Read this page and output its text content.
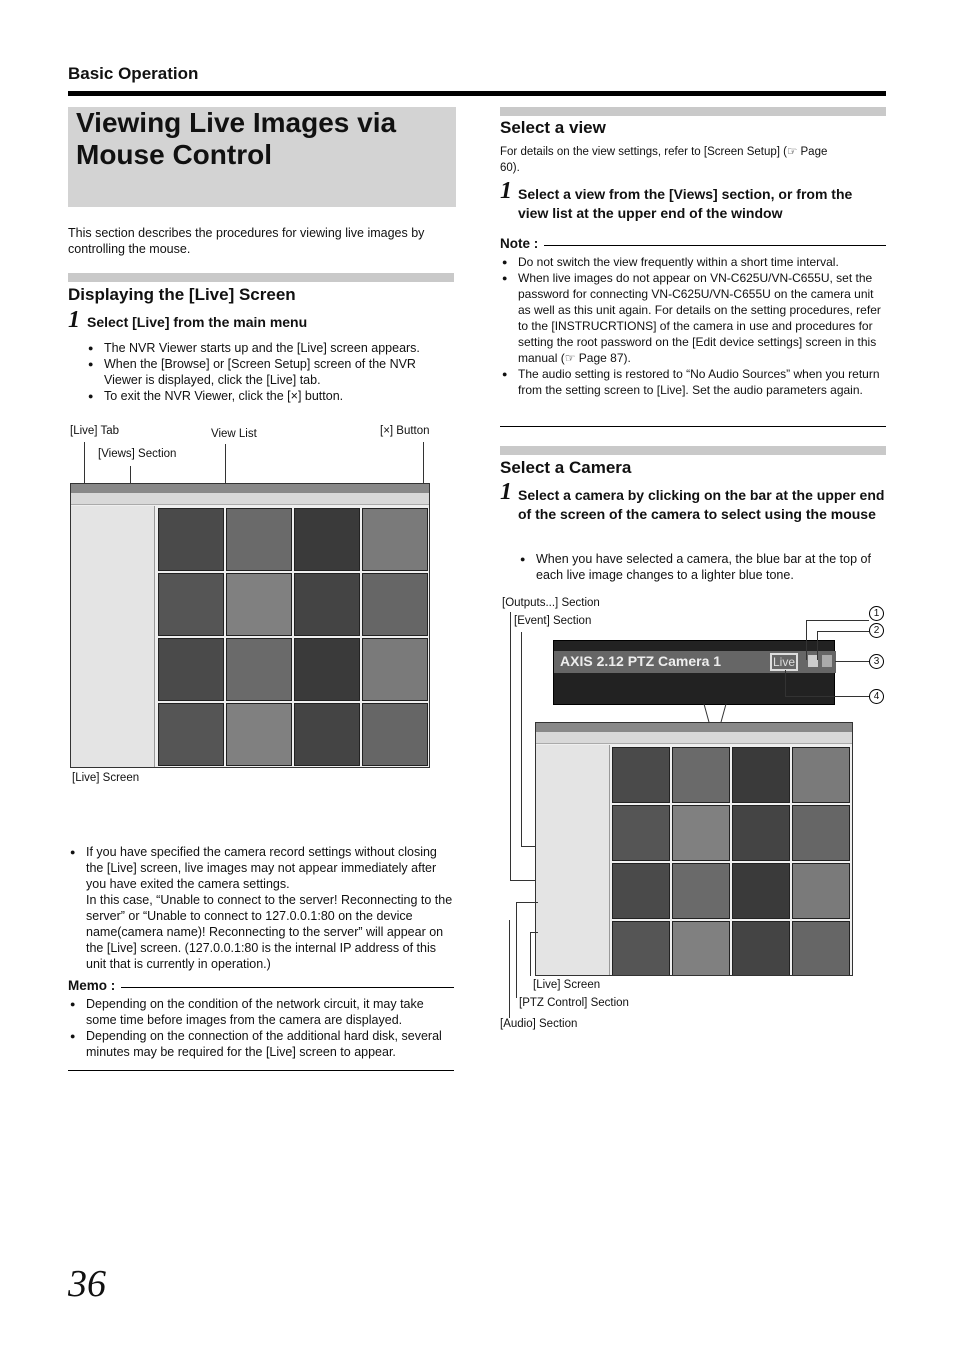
Basic Operation
Viewing Live Images via Mouse Control
This section describes the procedures for viewing live images by controlling the mouse.
Displaying the [Live] Screen
1 Select [Live] from the main menu
● The NVR Viewer starts up and the [Live] screen appears.
● When the [Browse] or [Screen Setup] screen of the NVR Viewer is displayed, click the [Live] tab.
● To exit the NVR Viewer, click the [×] button.
[Live] Tab	View List	[×] Button
[Views] Section
[Live] Screen
● If you have specified the camera record settings without closing the [Live] screen, live images may not appear immediately after you have exited the camera settings.
In this case, “Unable to connect to the server! Reconnecting to the server” or “Unable to connect to 127.0.0.1:80 on the device name(camera name)! Reconnecting to the server” will appear on the [Live] screen. (127.0.0.1:80 is the internal IP address of this unit that is currently in operation.)
Memo :
● Depending on the condition of the network circuit, it may take some time before images from the camera are displayed.
● Depending on the connection of the additional hard disk, several minutes may be required for the [Live] screen to appear.
Select a view
For details on the view settings, refer to [Screen Setup] (☞ Page 60).
1 Select a view from the [Views] section, or from the view list at the upper end of the window
Note :
● Do not switch the view frequently within a short time interval.
● When live images do not appear on VN-C625U/VN-C655U, set the password for connecting VN-C625U/VN-C655U on the camera unit as well as this unit again. For details on the setting procedures, refer to the [INSTRUCRTIONS] of the camera in use and procedures for setting the root password on the [Edit device settings] screen in this manual (☞ Page 87).
● The audio setting is restored to “No Audio Sources” when you return from the setting screen to [Live]. Set the audio parameters again.
Select a Camera
1 Select a camera by clicking on the bar at the upper end of the screen of the camera to select using the mouse
● When you have selected a camera, the blue bar at the top of each live image changes to a lighter blue tone.
[Outputs...] Section
[Event] Section
AXIS 2.12 PTZ Camera 1	Live
1
2
3
4
[Live] Screen
[PTZ Control] Section
[Audio] Section
36
